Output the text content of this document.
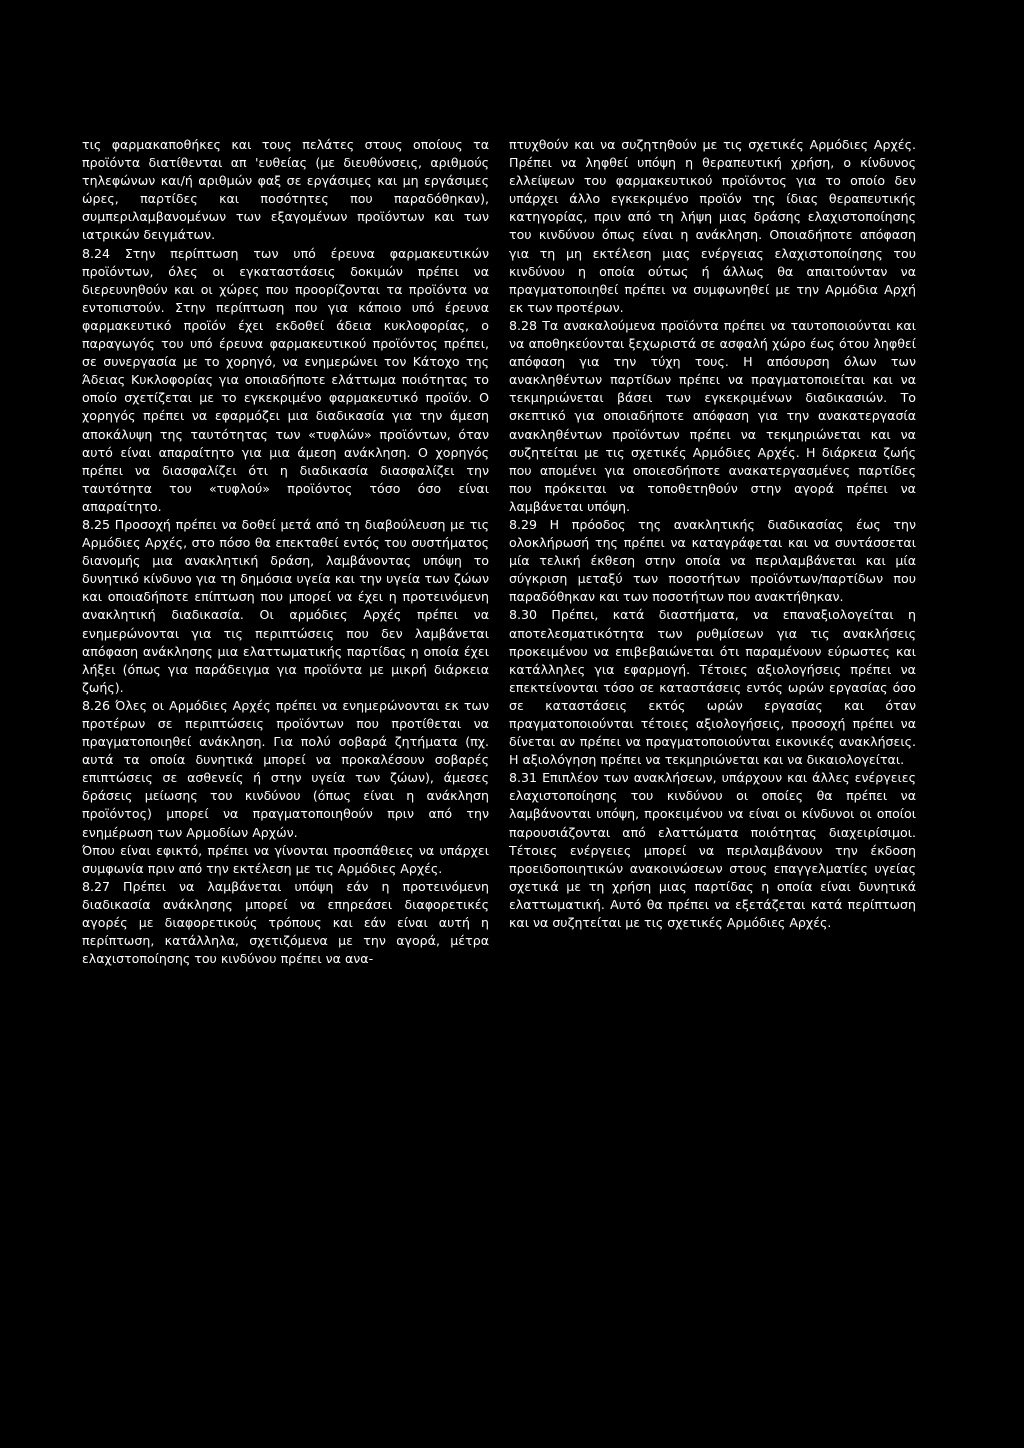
τις φαρμακαποθήκες και τους πελάτες στους οποίους τα προϊόντα διατίθενται απ 'ευθείας (με διευθύνσεις, αριθμούς τηλεφώνων και/ή αριθμών φαξ σε εργάσιμες και μη εργάσιμες ώρες, παρτίδες και ποσότητες που παραδόθηκαν), συμπεριλαμβανομένων των εξαγομένων προϊόντων και των ιατρικών δειγμάτων.

8.24 Στην περίπτωση των υπό έρευνα φαρμακευτικών προϊόντων, όλες οι εγκαταστάσεις δοκιμών πρέπει να διερευνηθούν και οι χώρες που προορίζονται τα προϊόντα να εντοπιστούν. Στην περίπτωση που για κάποιο υπό έρευνα φαρμακευτικό προϊόν έχει εκδοθεί άδεια κυκλοφορίας, ο παραγωγός του υπό έρευνα φαρμακευτικού προϊόντος πρέπει, σε συνεργασία με το χορηγό, να ενημερώνει τον Κάτοχο της Άδειας Κυκλοφορίας για οποιαδήποτε ελάττωμα ποιότητας το οποίο σχετίζεται με το εγκεκριμένο φαρμακευτικό προϊόν. Ο χορηγός πρέπει να εφαρμόζει μια διαδικασία για την άμεση αποκάλυψη της ταυτότητας των «τυφλών» προϊόντων, όταν αυτό είναι απαραίτητο για μια άμεση ανάκληση. Ο χορηγός πρέπει να διασφαλίζει ότι η διαδικασία διασφαλίζει την ταυτότητα του «τυφλού» προϊόντος τόσο όσο είναι απαραίτητο.

8.25 Προσοχή πρέπει να δοθεί μετά από τη διαβούλευση με τις Αρμόδιες Αρχές, στο πόσο θα επεκταθεί εντός του συστήματος διανομής μια ανακλητική δράση, λαμβάνοντας υπόψη το δυνητικό κίνδυνο για τη δημόσια υγεία και την υγεία των ζώων και οποιαδήποτε επίπτωση που μπορεί να έχει η προτεινόμενη ανακλητική διαδικασία. Οι αρμόδιες Αρχές πρέπει να ενημερώνονται για τις περιπτώσεις που δεν λαμβάνεται απόφαση ανάκλησης μια ελαττωματικής παρτίδας η οποία έχει λήξει (όπως για παράδειγμα για προϊόντα με μικρή διάρκεια ζωής).

8.26 Όλες οι Αρμόδιες Αρχές πρέπει να ενημερώνονται εκ των προτέρων σε περιπτώσεις προϊόντων που προτίθεται να πραγματοποιηθεί ανάκληση. Για πολύ σοβαρά ζητήματα (πχ. αυτά τα οποία δυνητικά μπορεί να προκαλέσουν σοβαρές επιπτώσεις σε ασθενείς ή στην υγεία των ζώων), άμεσες δράσεις μείωσης του κινδύνου (όπως είναι η ανάκληση προϊόντος) μπορεί να πραγματοποιηθούν πριν από την ενημέρωση των Αρμοδίων Αρχών.

Όπου είναι εφικτό, πρέπει να γίνονται προσπάθειες να υπάρχει συμφωνία πριν από την εκτέλεση με τις Αρμόδιες Αρχές.

8.27 Πρέπει να λαμβάνεται υπόψη εάν η προτεινόμενη διαδικασία ανάκλησης μπορεί να επηρεάσει διαφορετικές αγορές με διαφορετικούς τρόπους και εάν είναι αυτή η περίπτωση, κατάλληλα, σχετιζόμενα με την αγορά, μέτρα ελαχιστοποίησης του κινδύνου πρέπει να ανα-

πτυχθούν και να συζητηθούν με τις σχετικές Αρμόδιες Αρχές. Πρέπει να ληφθεί υπόψη η θεραπευτική χρήση, ο κίνδυνος ελλείψεων του φαρμακευτικού προϊόντος για το οποίο δεν υπάρχει άλλο εγκεκριμένο προϊόν της ίδιας θεραπευτικής κατηγορίας, πριν από τη λήψη μιας δράσης ελαχιστοποίησης του κινδύνου όπως είναι η ανάκληση. Οποιαδήποτε απόφαση για τη μη εκτέλεση μιας ενέργειας ελαχιστοποίησης του κινδύνου η οποία ούτως ή άλλως θα απαιτούνταν να πραγματοποιηθεί πρέπει να συμφωνηθεί με την Αρμόδια Αρχή εκ των προτέρων.

8.28 Τα ανακαλούμενα προϊόντα πρέπει να ταυτοποιούνται και να αποθηκεύονται ξεχωριστά σε ασφαλή χώρο έως ότου ληφθεί απόφαση για την τύχη τους. Η απόσυρση όλων των ανακληθέντων παρτίδων πρέπει να πραγματοποιείται και να τεκμηριώνεται βάσει των εγκεκριμένων διαδικασιών. Το σκεπτικό για οποιαδήποτε απόφαση για την ανακατεργασία ανακληθέντων προϊόντων πρέπει να τεκμηριώνεται και να συζητείται με τις σχετικές Αρμόδιες Αρχές. Η διάρκεια ζωής που απομένει για οποιεσδήποτε ανακατεργασμένες παρτίδες που πρόκειται να τοποθετηθούν στην αγορά πρέπει να λαμβάνεται υπόψη.

8.29 Η πρόοδος της ανακλητικής διαδικασίας έως την ολοκλήρωσή της πρέπει να καταγράφεται και να συντάσσεται μία τελική έκθεση στην οποία να περιλαμβάνεται και μία σύγκριση μεταξύ των ποσοτήτων προϊόντων/παρτίδων που παραδόθηκαν και των ποσοτήτων που ανακτήθηκαν.

8.30 Πρέπει, κατά διαστήματα, να επαναξιολογείται η αποτελεσματικότητα των ρυθμίσεων για τις ανακλήσεις προκειμένου να επιβεβαιώνεται ότι παραμένουν εύρωστες και κατάλληλες για εφαρμογή. Τέτοιες αξιολογήσεις πρέπει να επεκτείνονται τόσο σε καταστάσεις εντός ωρών εργασίας όσο σε καταστάσεις εκτός ωρών εργασίας και όταν πραγματοποιούνται τέτοιες αξιολογήσεις, προσοχή πρέπει να δίνεται αν πρέπει να πραγματοποιούνται εικονικές ανακλήσεις. Η αξιολόγηση πρέπει να τεκμηριώνεται και να δικαιολογείται.

8.31 Επιπλέον των ανακλήσεων, υπάρχουν και άλλες ενέργειες ελαχιστοποίησης του κινδύνου οι οποίες θα πρέπει να λαμβάνονται υπόψη, προκειμένου να είναι οι κίνδυνοι οι οποίοι παρουσιάζονται από ελαττώματα ποιότητας διαχειρίσιμοι. Τέτοιες ενέργειες μπορεί να περιλαμβάνουν την έκδοση προειδοποιητικών ανακοινώσεων στους επαγγελματίες υγείας σχετικά με τη χρήση μιας παρτίδας η οποία είναι δυνητικά ελαττωματική. Αυτό θα πρέπει να εξετάζεται κατά περίπτωση και να συζητείται με τις σχετικές Αρμόδιες Αρχές.
